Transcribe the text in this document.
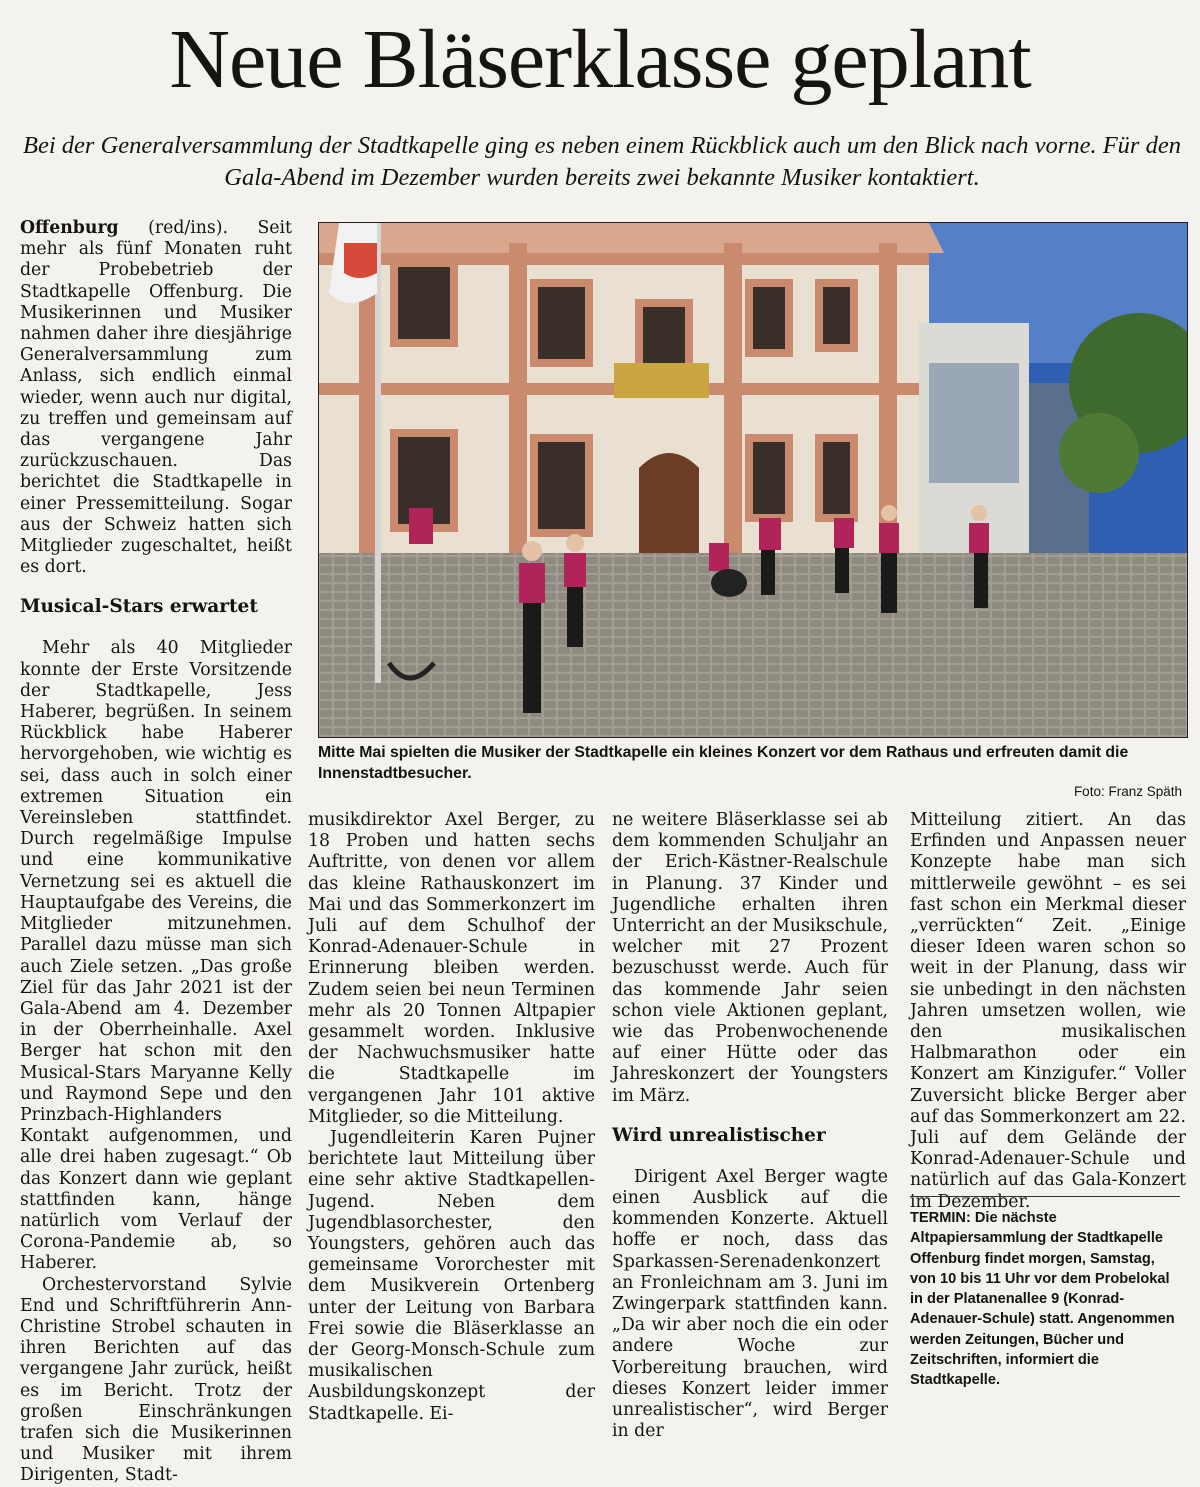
Neue Bläserklasse geplant

Bei der Generalversammlung der Stadtkapelle ging es neben einem Rückblick auch um den Blick nach vorne. Für den Gala-Abend im Dezember wurden bereits zwei bekannte Musiker kontaktiert.

Offenburg (red/ins). Seit mehr als fünf Monaten ruht der Probebetrieb der Stadtkapelle Offenburg. Die Musikerinnen und Musiker nahmen daher ihre diesjährige Generalversammlung zum Anlass, sich endlich einmal wieder, wenn auch nur digital, zu treffen und gemeinsam auf das vergangene Jahr zurückzuschauen. Das berichtet die Stadtkapelle in einer Pressemitteilung. Sogar aus der Schweiz hatten sich Mitglieder zugeschaltet, heißt es dort.

Musical-Stars erwartet

Mehr als 40 Mitglieder konnte der Erste Vorsitzende der Stadtkapelle, Jess Haberer, begrüßen. In seinem Rückblick habe Haberer hervorgehoben, wie wichtig es sei, dass auch in solch einer extremen Situation ein Vereinsleben stattfindet. Durch regelmäßige Impulse und eine kommunikative Vernetzung sei es aktuell die Hauptaufgabe des Vereins, die Mitglieder mitzunehmen. Parallel dazu müsse man sich auch Ziele setzen. „Das große Ziel für das Jahr 2021 ist der Gala-Abend am 4. Dezember in der Oberrheinhalle. Axel Berger hat schon mit den Musical-Stars Maryanne Kelly und Raymond Sepe und den Prinzbach-Highlanders Kontakt aufgenommen, und alle drei haben zugesagt.“ Ob das Konzert dann wie geplant stattfinden kann, hänge natürlich vom Verlauf der Corona-Pandemie ab, so Haberer.

Orchestervorstand Sylvie End und Schriftführerin Ann-Christine Strobel schauten in ihren Berichten auf das vergangene Jahr zurück, heißt es im Bericht. Trotz der großen Einschränkungen trafen sich die Musikerinnen und Musiker mit ihrem Dirigenten, Stadt-

Mitte Mai spielten die Musiker der Stadtkapelle ein kleines Konzert vor dem Rathaus und erfreuten damit die Innenstadtbesucher.

Foto: Franz Späth

musikdirektor Axel Berger, zu 18 Proben und hatten sechs Auftritte, von denen vor allem das kleine Rathauskonzert im Mai und das Sommerkonzert im Juli auf dem Schulhof der Konrad-Adenauer-Schule in Erinnerung bleiben werden. Zudem seien bei neun Terminen mehr als 20 Tonnen Altpapier gesammelt worden. Inklusive der Nachwuchsmusiker hatte die Stadtkapelle im vergangenen Jahr 101 aktive Mitglieder, so die Mitteilung.

Jugendleiterin Karen Pujner berichtete laut Mitteilung über eine sehr aktive Stadtkapellen-Jugend. Neben dem Jugendblasorchester, den Youngsters, gehören auch das gemeinsame Vororchester mit dem Musikverein Ortenberg unter der Leitung von Barbara Frei sowie die Bläserklasse an der Georg-Monsch-Schule zum musikalischen Ausbildungskonzept der Stadtkapelle. Ei-

ne weitere Bläserklasse sei ab dem kommenden Schuljahr an der Erich-Kästner-Realschule in Planung. 37 Kinder und Jugendliche erhalten ihren Unterricht an der Musikschule, welcher mit 27 Prozent bezuschusst werde. Auch für das kommende Jahr seien schon viele Aktionen geplant, wie das Probenwochenende auf einer Hütte oder das Jahreskonzert der Youngsters im März.

Wird unrealistischer

Dirigent Axel Berger wagte einen Ausblick auf die kommenden Konzerte. Aktuell hoffe er noch, dass das Sparkassen-Serenadenkonzert an Fronleichnam am 3. Juni im Zwingerpark stattfinden kann. „Da wir aber noch die ein oder andere Woche zur Vorbereitung brauchen, wird dieses Konzert leider immer unrealistischer“, wird Berger in der

Mitteilung zitiert. An das Erfinden und Anpassen neuer Konzepte habe man sich mittlerweile gewöhnt – es sei fast schon ein Merkmal dieser „verrückten“ Zeit. „Einige dieser Ideen waren schon so weit in der Planung, dass wir sie unbedingt in den nächsten Jahren umsetzen wollen, wie den musikalischen Halbmarathon oder ein Konzert am Kinzigufer.“ Voller Zuversicht blicke Berger aber auf das Sommerkonzert am 22. Juli auf dem Gelände der Konrad-Adenauer-Schule und natürlich auf das Gala-Konzert im Dezember.

TERMIN: Die nächste Altpapiersammlung der Stadtkapelle Offenburg findet morgen, Samstag, von 10 bis 11 Uhr vor dem Probelokal in der Platanenallee 9 (Konrad-Adenauer-Schule) statt. Angenommen werden Zeitungen, Bücher und Zeitschriften, informiert die Stadtkapelle.
